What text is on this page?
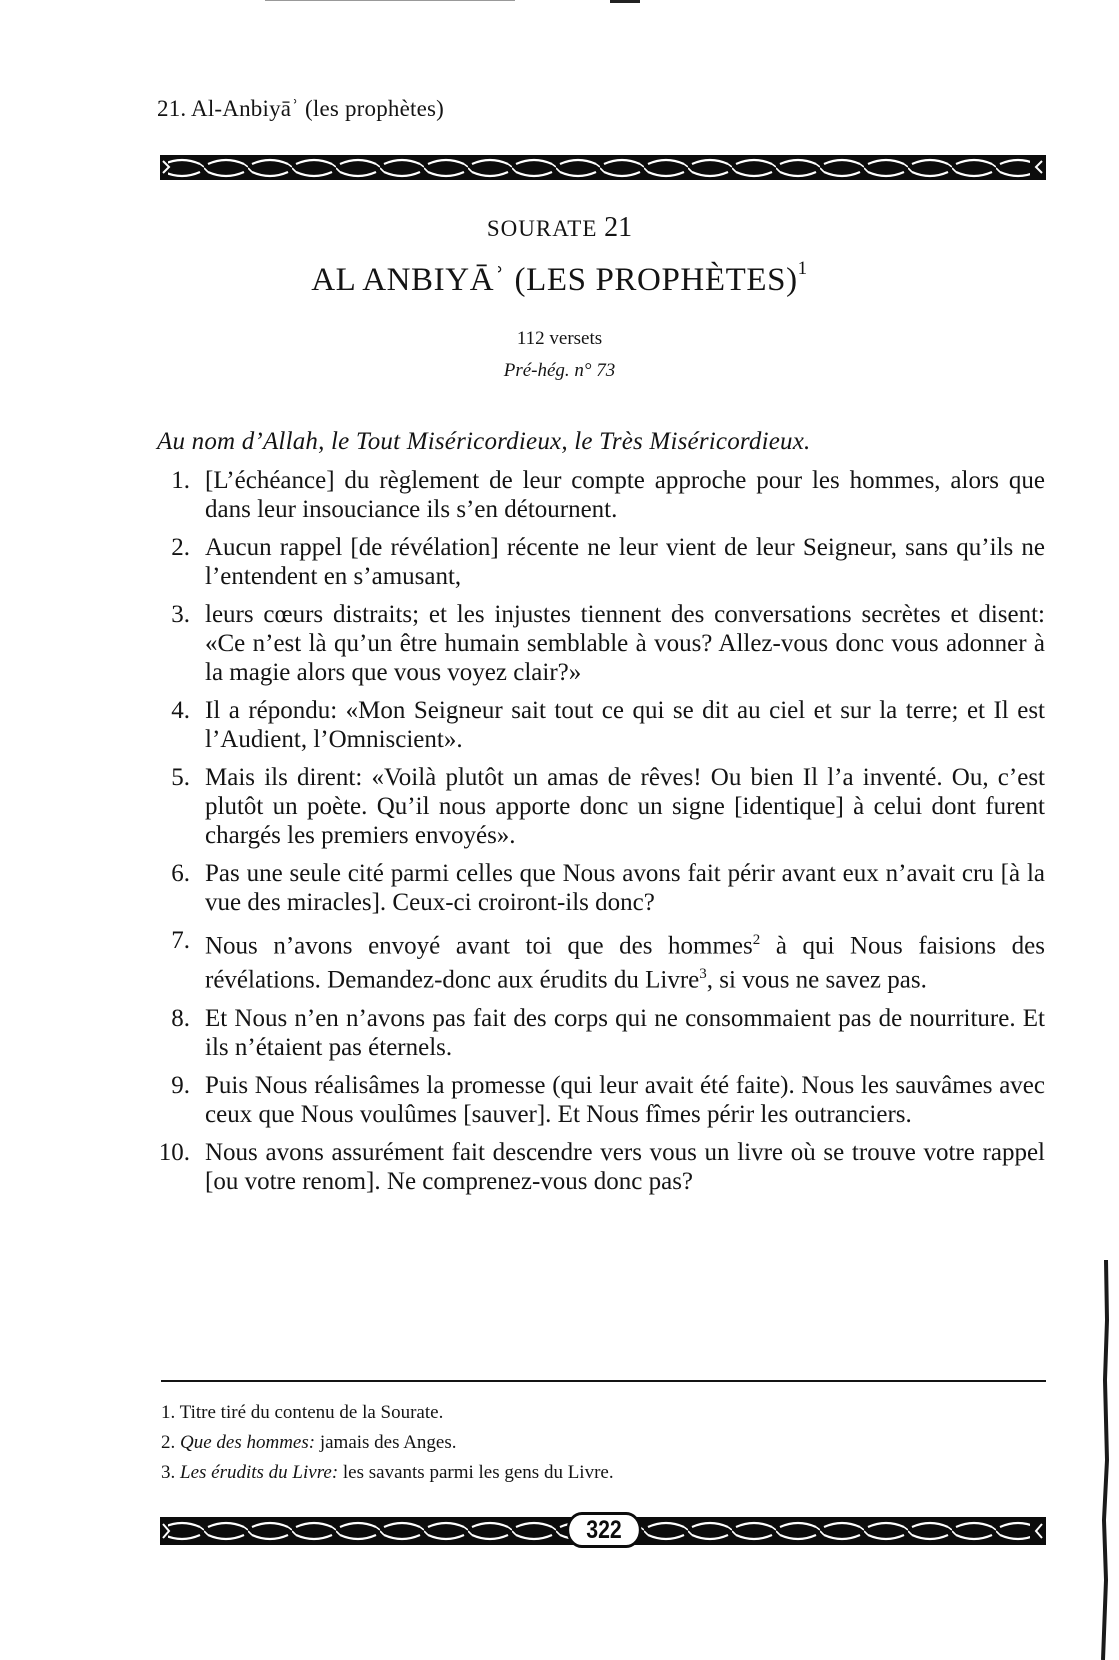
21. Al-Anbiyāʾ (les prophètes)
SOURATE 21
AL ANBIYĀʾ (LES PROPHÈTES)$^1$
112 versets
Pré-hég. n° 73
Au nom d’Allah, le Tout Miséricordieux, le Très Miséricordieux.
1. [L’échéance] du règlement de leur compte approche pour les hommes, alors que dans leur insouciance ils s’en détournent.
2. Aucun rappel [de révélation] récente ne leur vient de leur Seigneur, sans qu’ils ne l’entendent en s’amusant,
3. leurs cœurs distraits; et les injustes tiennent des conversations secrètes et disent: «Ce n’est là qu’un être humain semblable à vous? Allez-vous donc vous adonner à la magie alors que vous voyez clair?»
4. Il a répondu: «Mon Seigneur sait tout ce qui se dit au ciel et sur la terre; et Il est l’Audient, l’Omniscient».
5. Mais ils dirent: «Voilà plutôt un amas de rêves! Ou bien Il l’a inventé. Ou, c’est plutôt un poète. Qu’il nous apporte donc un signe [identique] à celui dont furent chargés les premiers envoyés».
6. Pas une seule cité parmi celles que Nous avons fait périr avant eux n’avait cru [à la vue des miracles]. Ceux-ci croiront-ils donc?
7. Nous n’avons envoyé avant toi que des hommes$^2$ à qui Nous faisions des révélations. Demandez-donc aux érudits du Livre$^3$, si vous ne savez pas.
8. Et Nous n’en n’avons pas fait des corps qui ne consommaient pas de nourriture. Et ils n’étaient pas éternels.
9. Puis Nous réalisâmes la promesse (qui leur avait été faite). Nous les sauvâmes avec ceux que Nous voulûmes [sauver]. Et Nous fîmes périr les outranciers.
10. Nous avons assurément fait descendre vers vous un livre où se trouve votre rappel [ou votre renom]. Ne comprenez-vous donc pas?
1. Titre tiré du contenu de la Sourate.
2. Que des hommes: jamais des Anges.
3. Les érudits du Livre: les savants parmi les gens du Livre.
322
